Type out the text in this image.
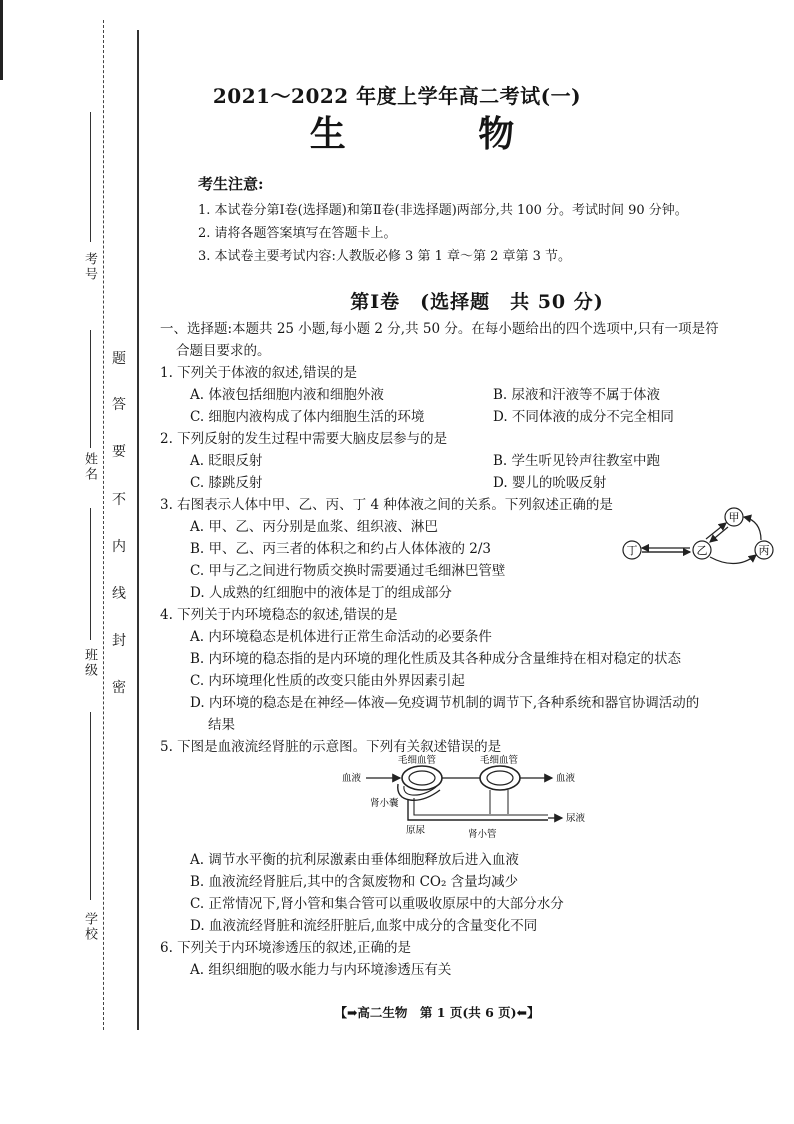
考号
姓名
班级
学校
题
答
要
不
内
线
封
密
2021～2022 年度上学年高二考试(一)
生 物
考生注意:
1. 本试卷分第Ⅰ卷(选择题)和第Ⅱ卷(非选择题)两部分,共 100 分。考试时间 90 分钟。
2. 请将各题答案填写在答题卡上。
3. 本试卷主要考试内容:人教版必修 3 第 1 章～第 2 章第 3 节。
第Ⅰ卷　(选择题　共 50 分)
一、选择题:本题共 25 小题,每小题 2 分,共 50 分。在每小题给出的四个选项中,只有一项是符
合题目要求的。
1. 下列关于体液的叙述,错误的是
A. 体液包括细胞内液和细胞外液	B. 尿液和汗液等不属于体液
C. 细胞内液构成了体内细胞生活的环境	D. 不同体液的成分不完全相同
2. 下列反射的发生过程中需要大脑皮层参与的是
A. 眨眼反射	B. 学生听见铃声往教室中跑
C. 膝跳反射	D. 婴儿的吮吸反射
3. 右图表示人体中甲、乙、丙、丁 4 种体液之间的关系。下列叙述正确的是
A. 甲、乙、丙分别是血浆、组织液、淋巴
B. 甲、乙、丙三者的体积之和约占人体体液的 2/3
C. 甲与乙之间进行物质交换时需要通过毛细淋巴管壁
D. 人成熟的红细胞中的液体是丁的组成部分
丁	乙
甲
丙
4. 下列关于内环境稳态的叙述,错误的是
A. 内环境稳态是机体进行正常生命活动的必要条件
B. 内环境的稳态指的是内环境的理化性质及其各种成分含量维持在相对稳定的状态
C. 内环境理化性质的改变只能由外界因素引起
D. 内环境的稳态是在神经—体液—免疫调节机制的调节下,各种系统和器官协调活动的
结果
5. 下图是血液流经肾脏的示意图。下列有关叙述错误的是
毛细血管	毛细血管
血液	血液
肾小囊
尿液
原尿	肾小管
A. 调节水平衡的抗利尿激素由垂体细胞释放后进入血液
B. 血液流经肾脏后,其中的含氮废物和 CO₂ 含量均减少
C. 正常情况下,肾小管和集合管可以重吸收原尿中的大部分水分
D. 血液流经肾脏和流经肝脏后,血浆中成分的含量变化不同
6. 下列关于内环境渗透压的叙述,正确的是
A. 组织细胞的吸水能力与内环境渗透压有关
【➡高二生物　第 1 页(共 6 页)⬅】
